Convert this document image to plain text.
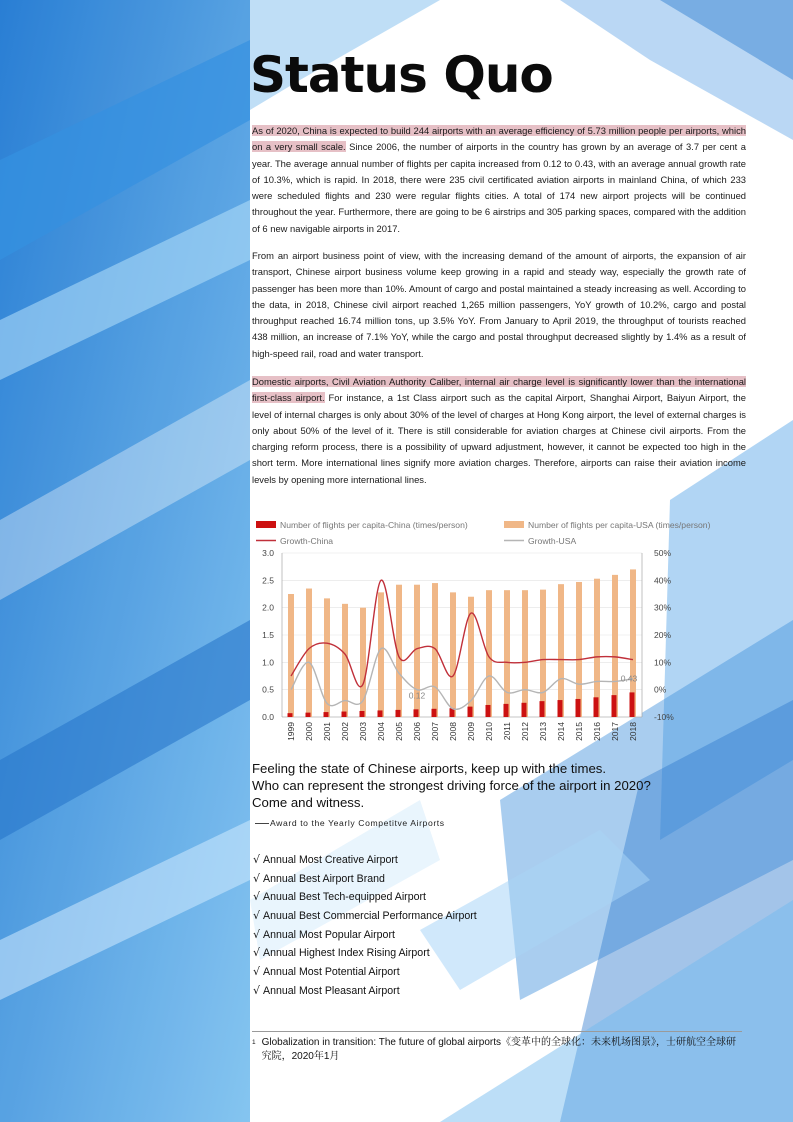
Status Quo

As of 2020, China is expected to build 244 airports with an average efficiency of 5.73 million people per airports, which on a very small scale. Since 2006, the number of airports in the country has grown by an average of 3.7 per cent a year. The average annual number of flights per capita increased from 0.12 to 0.43, with an average annual growth rate of 10.3%, which is rapid. In 2018, there were 235 civil certificated aviation airports in mainland China, of which 233 were scheduled flights and 230 were regular flights cities. A total of 174 new airport projects will be continued throughout the year. Furthermore, there are going to be 6 airstrips and 305 parking spaces, compared with the addition of 6 new navigable airports in 2017.

From an airport business point of view, with the increasing demand of the amount of airports, the expansion of air transport, Chinese airport business volume keep growing in a rapid and steady way, especially the growth rate of passenger has been more than 10%. Amount of cargo and postal maintained a steady increasing as well. According to the data, in 2018, Chinese civil airport reached 1,265 million passengers, YoY growth of 10.2%, cargo and postal throughput reached 16.74 million tons, up 3.5% YoY. From January to April 2019, the throughput of tourists reached 438 million, an increase of 7.1% YoY, while the cargo and postal throughput decreased slightly by 1.4% as a result of high-speed rail, road and water transport.

Domestic airports, Civil Aviation Authority Caliber, internal air charge level is significantly lower than the international first-class airport. For instance, a 1st Class airport such as the capital Airport, Shanghai Airport, Baiyun Airport, the level of internal charges is only about 30% of the level of charges at Hong Kong airport, the level of external charges is only about 50% of the level of it. There is still considerable for aviation charges at Chinese civil airports. From the charging reform process, there is a possibility of upward adjustment, however, it cannot be expected too high in the short term. More international lines signify more aviation charges. Therefore, airports can raise their aviation income levels by opening more international lines.

0.0
0.5
1.0
1.5
2.0
2.5
3.0
-10%
0%
10%
20%
30%
40%
50%
1999 2000 2001 2002 2003 2004 2005 2006 2007 2008 2009 2010 2011 2012 2013 2014 2015 2016 2017 2018
0.12
0.43
Number of flights per capita-China (times/person)	Number of flights per capita-USA (times/person)
Growth-China	Growth-USA
Feeling the state of Chinese airports, keep up with the times.
Who can represent the strongest driving force of the airport in 2020?
Come and witness.
Award to the Yearly Competitve Airports
√ Annual Most Creative Airport
√ Annual Best Airport Brand
√ Anuual Best Tech-equipped Airport
√ Anuual Best Commercial Performance Airport
√ Annual Most Popular Airport
√ Annual Highest Index Rising Airport
√ Annual Most Potential Airport
√ Annual Most Pleasant Airport

$^1$ Globalization in transition: The future of global airports《变革中的全球化：未来机场图景》，士研航空全球研究院，2020年1月
